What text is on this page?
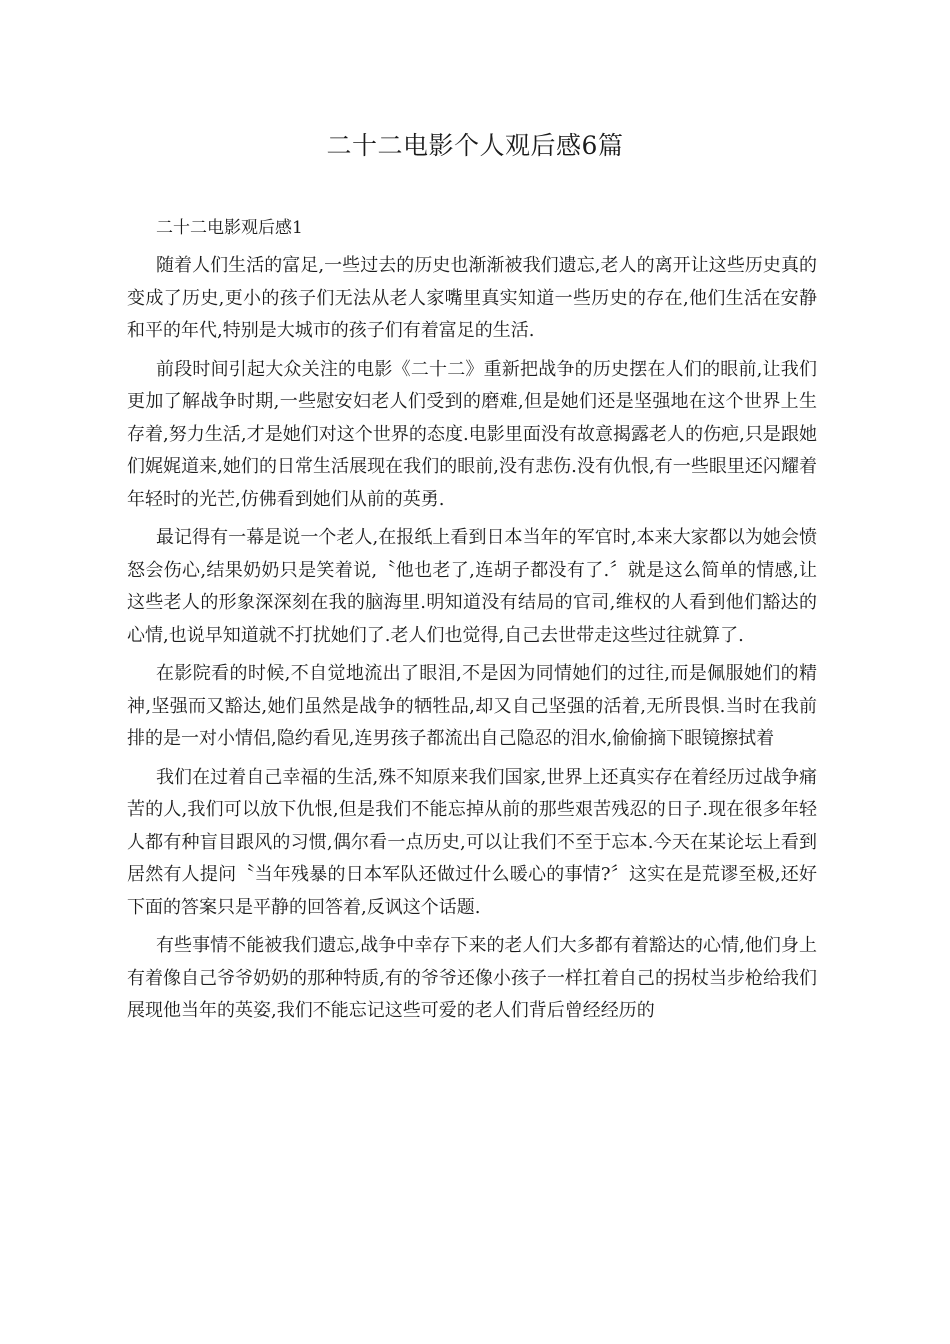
二十二电影个人观后感6篇
二十二电影观后感1

随着人们生活的富足,一些过去的历史也渐渐被我们遗忘,老人的离开让这些历史真的变成了历史,更小的孩子们无法从老人家嘴里真实知道一些历史的存在,他们生活在安静和平的年代,特别是大城市的孩子们有着富足的生活.

前段时间引起大众关注的电影《二十二》重新把战争的历史摆在人们的眼前,让我们更加了解战争时期,一些慰安妇老人们受到的磨难,但是她们还是坚强地在这个世界上生存着,努力生活,才是她们对这个世界的态度.电影里面没有故意揭露老人的伤疤,只是跟她们娓娓道来,她们的日常生活展现在我们的眼前,没有悲伤.没有仇恨,有一些眼里还闪耀着年轻时的光芒,仿佛看到她们从前的英勇.

最记得有一幕是说一个老人,在报纸上看到日本当年的军官时,本来大家都以为她会愤怒会伤心,结果奶奶只是笑着说,〝他也老了,连胡子都没有了.〞就是这么简单的情感,让这些老人的形象深深刻在我的脑海里.明知道没有结局的官司,维权的人看到他们豁达的心情,也说早知道就不打扰她们了.老人们也觉得,自己去世带走这些过往就算了.

在影院看的时候,不自觉地流出了眼泪,不是因为同情她们的过往,而是佩服她们的精神,坚强而又豁达,她们虽然是战争的牺牲品,却又自己坚强的活着,无所畏惧.当时在我前排的是一对小情侣,隐约看见,连男孩子都流出自己隐忍的泪水,偷偷摘下眼镜擦拭着

我们在过着自己幸福的生活,殊不知原来我们国家,世界上还真实存在着经历过战争痛苦的人,我们可以放下仇恨,但是我们不能忘掉从前的那些艰苦残忍的日子.现在很多年轻人都有种盲目跟风的习惯,偶尔看一点历史,可以让我们不至于忘本.今天在某论坛上看到居然有人提问〝当年残暴的日本军队还做过什么暖心的事情?〞这实在是荒谬至极,还好下面的答案只是平静的回答着,反讽这个话题.

有些事情不能被我们遗忘,战争中幸存下来的老人们大多都有着豁达的心情,他们身上有着像自己爷爷奶奶的那种特质,有的爷爷还像小孩子一样扛着自己的拐杖当步枪给我们展现他当年的英姿,我们不能忘记这些可爱的老人们背后曾经经历的
